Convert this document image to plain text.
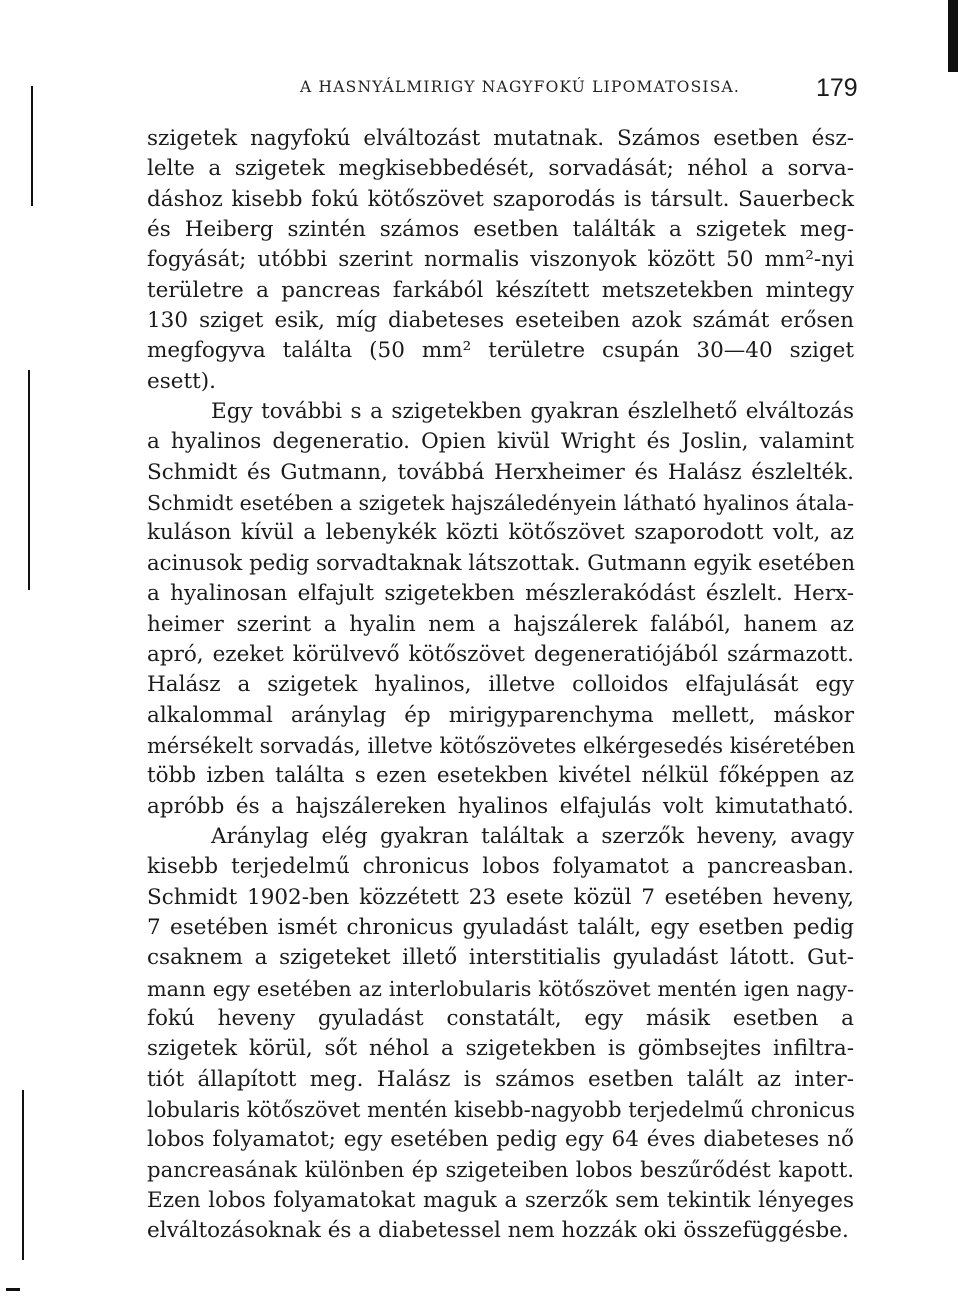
A HASNYÁLMIRIGY NAGYFOKÚ LIPOMATOSISA.	179
szigetek nagyfokú elváltozást mutatnak. Számos esetben ész-
lelte a szigetek megkisebbedését, sorvadását; néhol a sorva-
dáshoz kisebb fokú kötőszövet szaporodás is társult. Sauerbeck
és Heiberg szintén számos esetben találták a szigetek meg-
fogyását; utóbbi szerint normalis viszonyok között 50 mm²-nyi
területre a pancreas farkából készített metszetekben mintegy
130 sziget esik, míg diabeteses eseteiben azok számát erősen
megfogyva találta (50 mm² területre csupán 30—40 sziget
esett).
Egy további s a szigetekben gyakran észlelhető elváltozás
a hyalinos degeneratio. Opien kivül Wright és Joslin, valamint
Schmidt és Gutmann, továbbá Herxheimer és Halász észlelték.
Schmidt esetében a szigetek hajszáledényein látható hyalinos átala-
kuláson kívül a lebenykék közti kötőszövet szaporodott volt, az
acinusok pedig sorvadtaknak látszottak. Gutmann egyik esetében
a hyalinosan elfajult szigetekben mészlerakódást észlelt. Herx-
heimer szerint a hyalin nem a hajszálerek falából, hanem az
apró, ezeket körülvevő kötőszövet degeneratiójából származott.
Halász a szigetek hyalinos, illetve colloidos elfajulását egy
alkalommal aránylag ép mirigyparenchyma mellett, máskor
mérsékelt sorvadás, illetve kötőszövetes elkérgesedés kiséretében
több izben találta s ezen esetekben kivétel nélkül főképpen az
apróbb és a hajszálereken hyalinos elfajulás volt kimutatható.
Aránylag elég gyakran találtak a szerzők heveny, avagy
kisebb terjedelmű chronicus lobos folyamatot a pancreasban.
Schmidt 1902-ben közzétett 23 esete közül 7 esetében heveny,
7 esetében ismét chronicus gyuladást talált, egy esetben pedig
csaknem a szigeteket illető interstitialis gyuladást látott. Gut-
mann egy esetében az interlobularis kötőszövet mentén igen nagy-
fokú heveny gyuladást constatált, egy másik esetben a
szigetek körül, sőt néhol a szigetekben is gömbsejtes infiltra-
tiót állapított meg. Halász is számos esetben talált az inter-
lobularis kötőszövet mentén kisebb-nagyobb terjedelmű chronicus
lobos folyamatot; egy esetében pedig egy 64 éves diabeteses nő
pancreasának különben ép szigeteiben lobos beszűrődést kapott.
Ezen lobos folyamatokat maguk a szerzők sem tekintik lényeges
elváltozásoknak és a diabetessel nem hozzák oki összefüggésbe.
